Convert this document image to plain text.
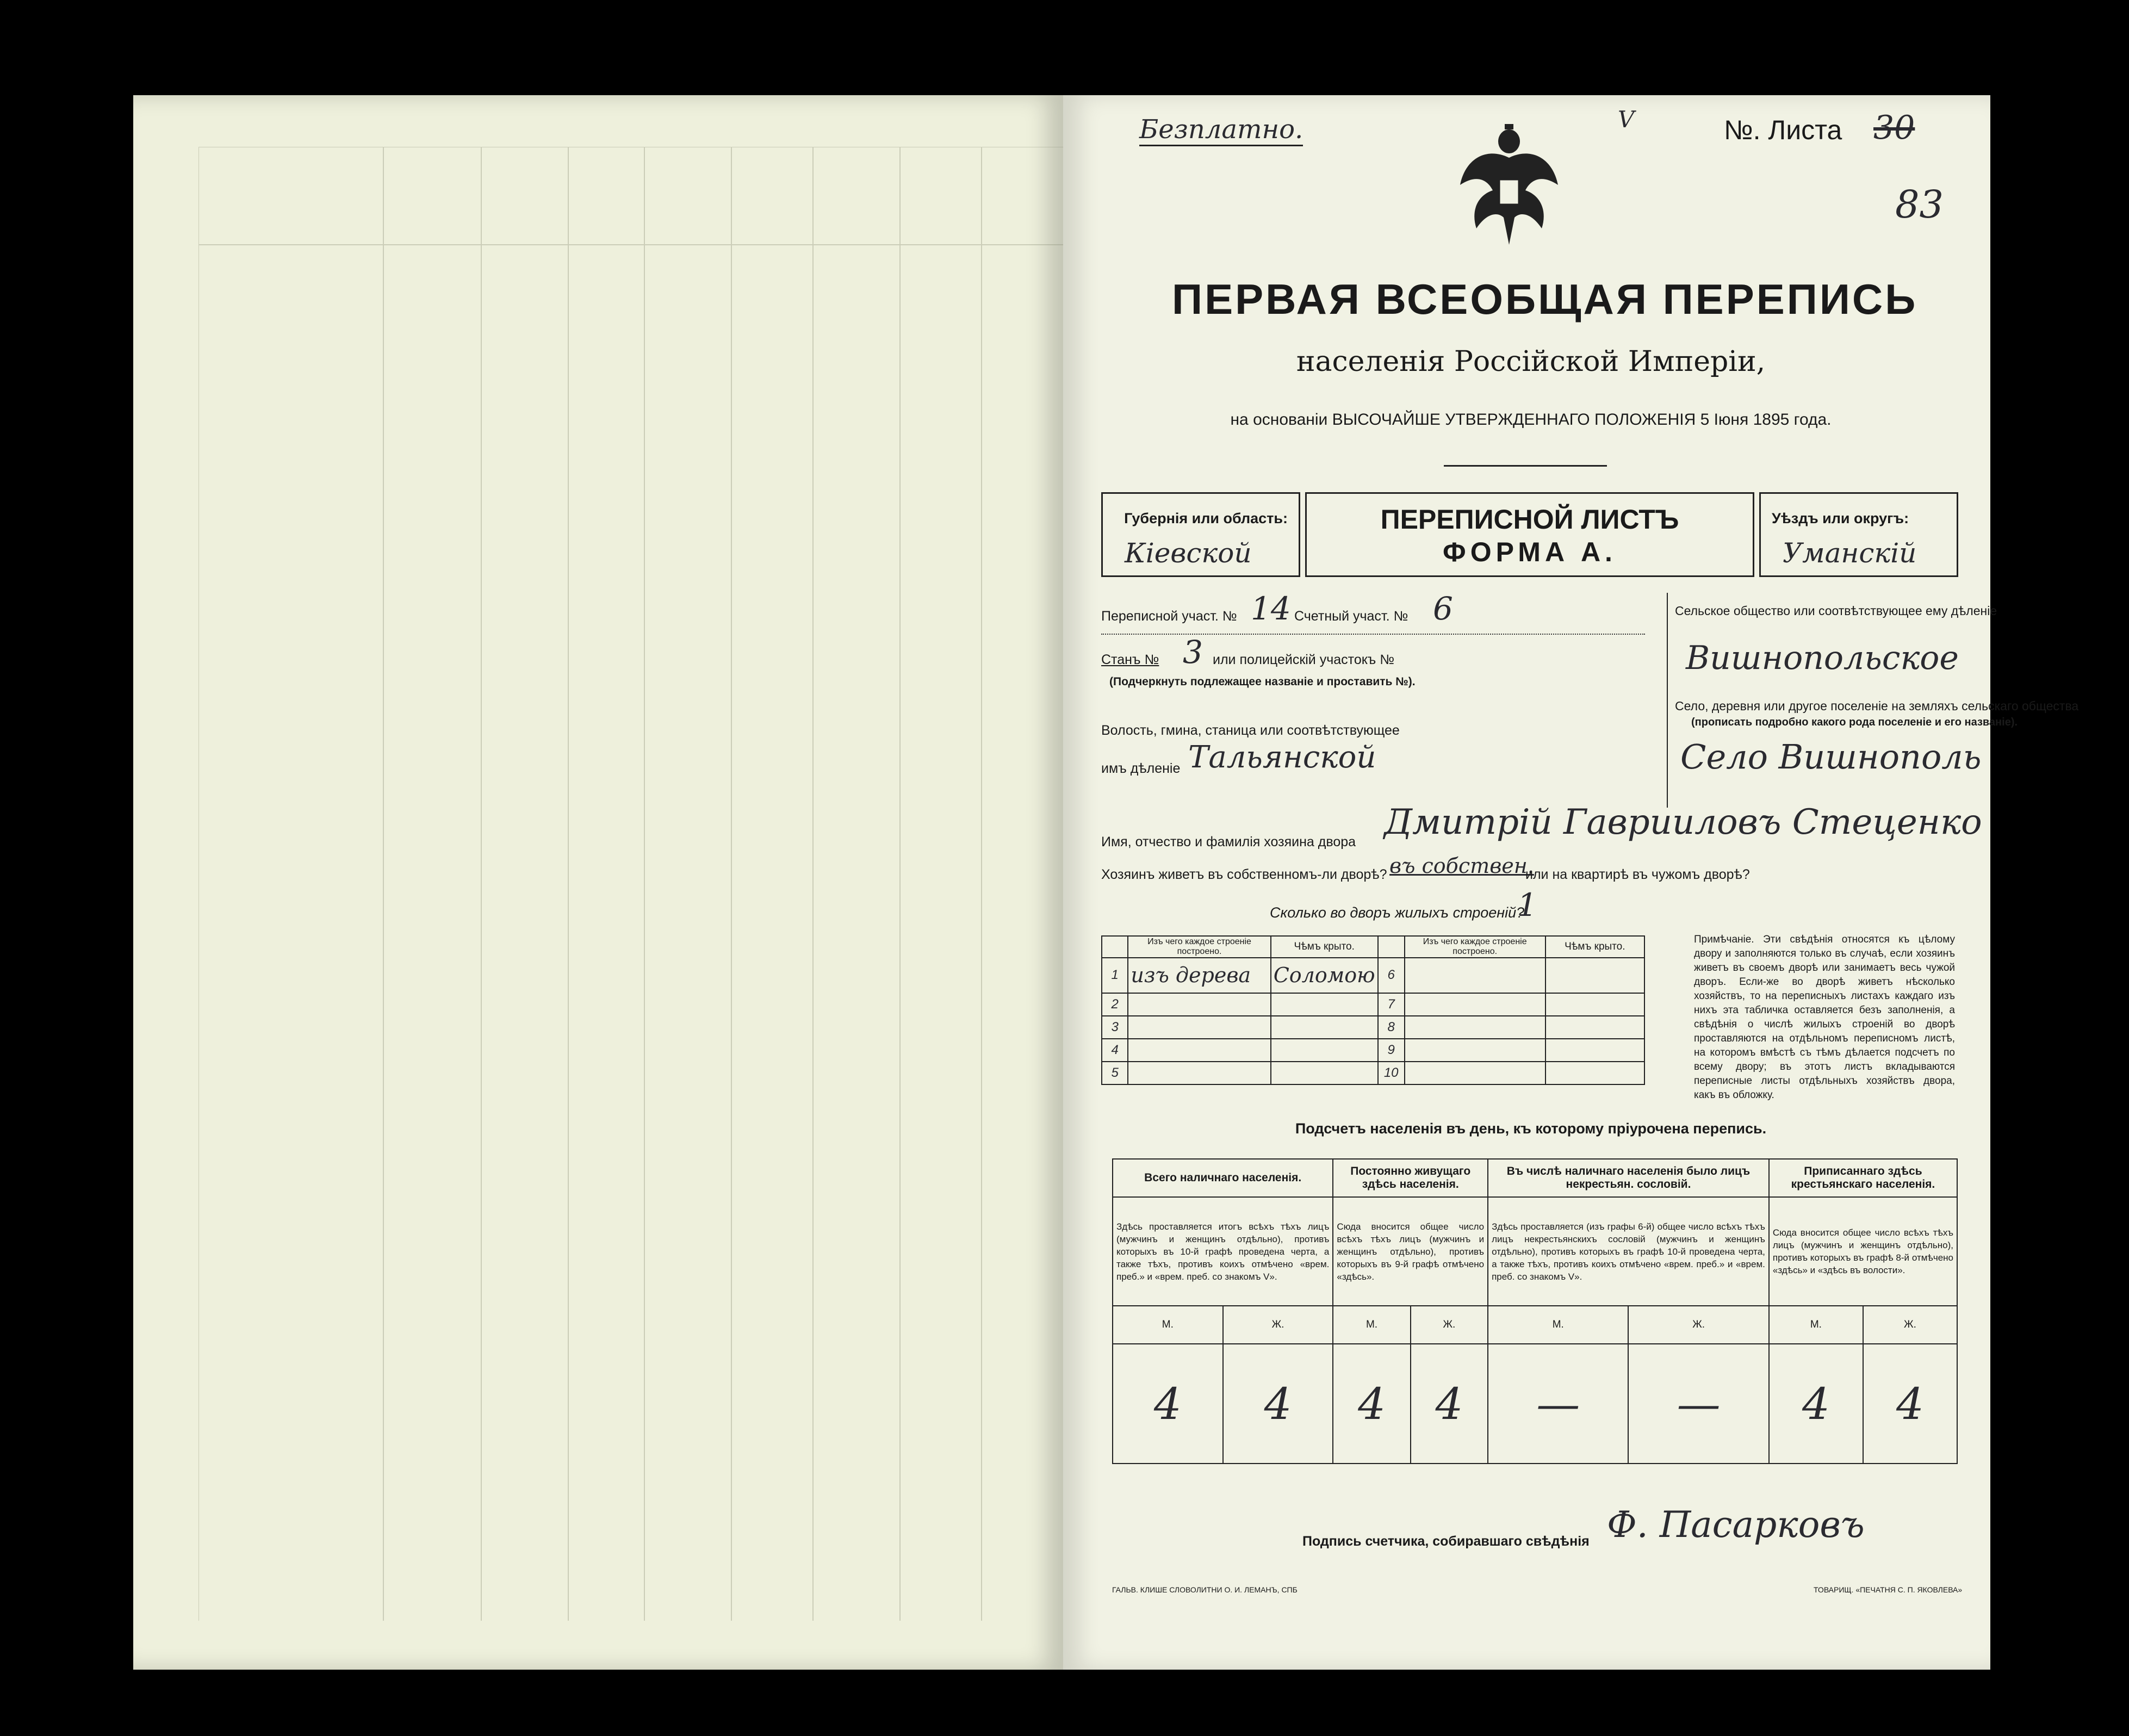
Безплатно.	V	№. Листа 30
83
ПЕРВАЯ ВСЕОБЩАЯ ПЕРЕПИСЬ
населенія Россійской Имперіи,
на основаніи ВЫСОЧАЙШЕ УТВЕРЖДЕННАГО ПОЛОЖЕНІЯ 5 Іюня 1895 года.
Губернія или область:
Кіевской
ПЕРЕПИСНОЙ ЛИСТЪ
ФОРМА А.
Уѣздъ или округъ:
Уманскій
Переписной участ. № 14 Счетный участ. № 6
Станъ № 3 или полицейскій участокъ №
(Подчеркнуть подлежащее названіе и проставить №).
Волость, гмина, станица или соотвѣтствующее
имъ дѣленіе Тальянской
Сельское общество или соотвѣтствующее ему дѣленіе
Вишнопольское
Село, деревня или другое поселеніе на земляхъ сельскаго общества
(прописать подробно какого рода поселеніе и его названіе).
Село Вишнополь
Имя, отчество и фамилія хозяина двора Дмитрій Гаврииловъ Стеценко
Хозяинъ живетъ въ собственномъ-ли дворѣ? въ собствен.
или на квартирѣ въ чужомъ дворѣ?
Сколько во дворъ жилыхъ строеній?
1
	Изъ чего каждое строеніе построено.	Чѣмъ крыто.		Изъ чего каждое строеніе построено.	Чѣмъ крыто.
1	изъ дерева	Соломою	6		
2			7		
3			8		
4			9		
5			10		
Примѣчаніе. Эти свѣдѣнія относятся къ цѣлому двору и заполняются только въ случаѣ, если хозяинъ живетъ въ своемъ дворѣ или занимаетъ весь чужой дворъ. Если-же во дворѣ живетъ нѣсколько хозяйствъ, то на переписныхъ листахъ каждаго изъ нихъ эта табличка оставляется безъ заполненія, а свѣдѣнія о числѣ жилыхъ строеній во дворѣ проставляются на отдѣльномъ переписномъ листѣ, на которомъ вмѣстѣ съ тѣмъ дѣлается подсчетъ по всему двору; въ этотъ листъ вкладываются переписные листы отдѣльныхъ хозяйствъ двора, какъ въ обложку.
Подсчетъ населенія въ день, къ которому пріурочена перепись.
Всего наличнаго населенія.		Постоянно живущаго здѣсь населенія.		Въ числѣ наличнаго населенія было лицъ некрестьян. сословій.		Приписаннаго здѣсь крестьянскаго населенія.	
Здѣсь проставляется итогъ всѣхъ тѣхъ лицъ (мужчинъ и женщинъ отдѣльно), противъ которыхъ въ 10-й графѣ проведена черта, а также тѣхъ, противъ коихъ отмѣчено «врем. преб.» и «врем. преб. со знакомъ V».		Сюда вносится общее число всѣхъ тѣхъ лицъ (мужчинъ и женщинъ отдѣльно), противъ которыхъ въ 9-й графѣ отмѣчено «здѣсь».		Здѣсь проставляется (изъ графы 6-й) общее число всѣхъ тѣхъ лицъ некрестьянскихъ сословій (мужчинъ и женщинъ отдѣльно), противъ которыхъ въ графѣ 10-й проведена черта, а также тѣхъ, противъ коихъ отмѣчено «врем. преб.» и «врем. преб. со знакомъ V».		Сюда вносится общее число всѣхъ тѣхъ лицъ (мужчинъ и женщинъ отдѣльно), противъ которыхъ въ графѣ 8-й отмѣчено «здѣсь» и «здѣсь въ волости».	
М.	Ж.	М.	Ж.	М.	Ж.	М.	Ж.
4	4	4	4	—	—	4	4
Подпись счетчика, собиравшаго свѣдѣнія Ф. Пасарковъ
ГАЛЬВ. КЛИШЕ СЛОВОЛИТНИ О. И. ЛЕМАНЪ, СПБ	ТОВАРИЩ. «ПЕЧАТНЯ С. П. ЯКОВЛЕВА»
